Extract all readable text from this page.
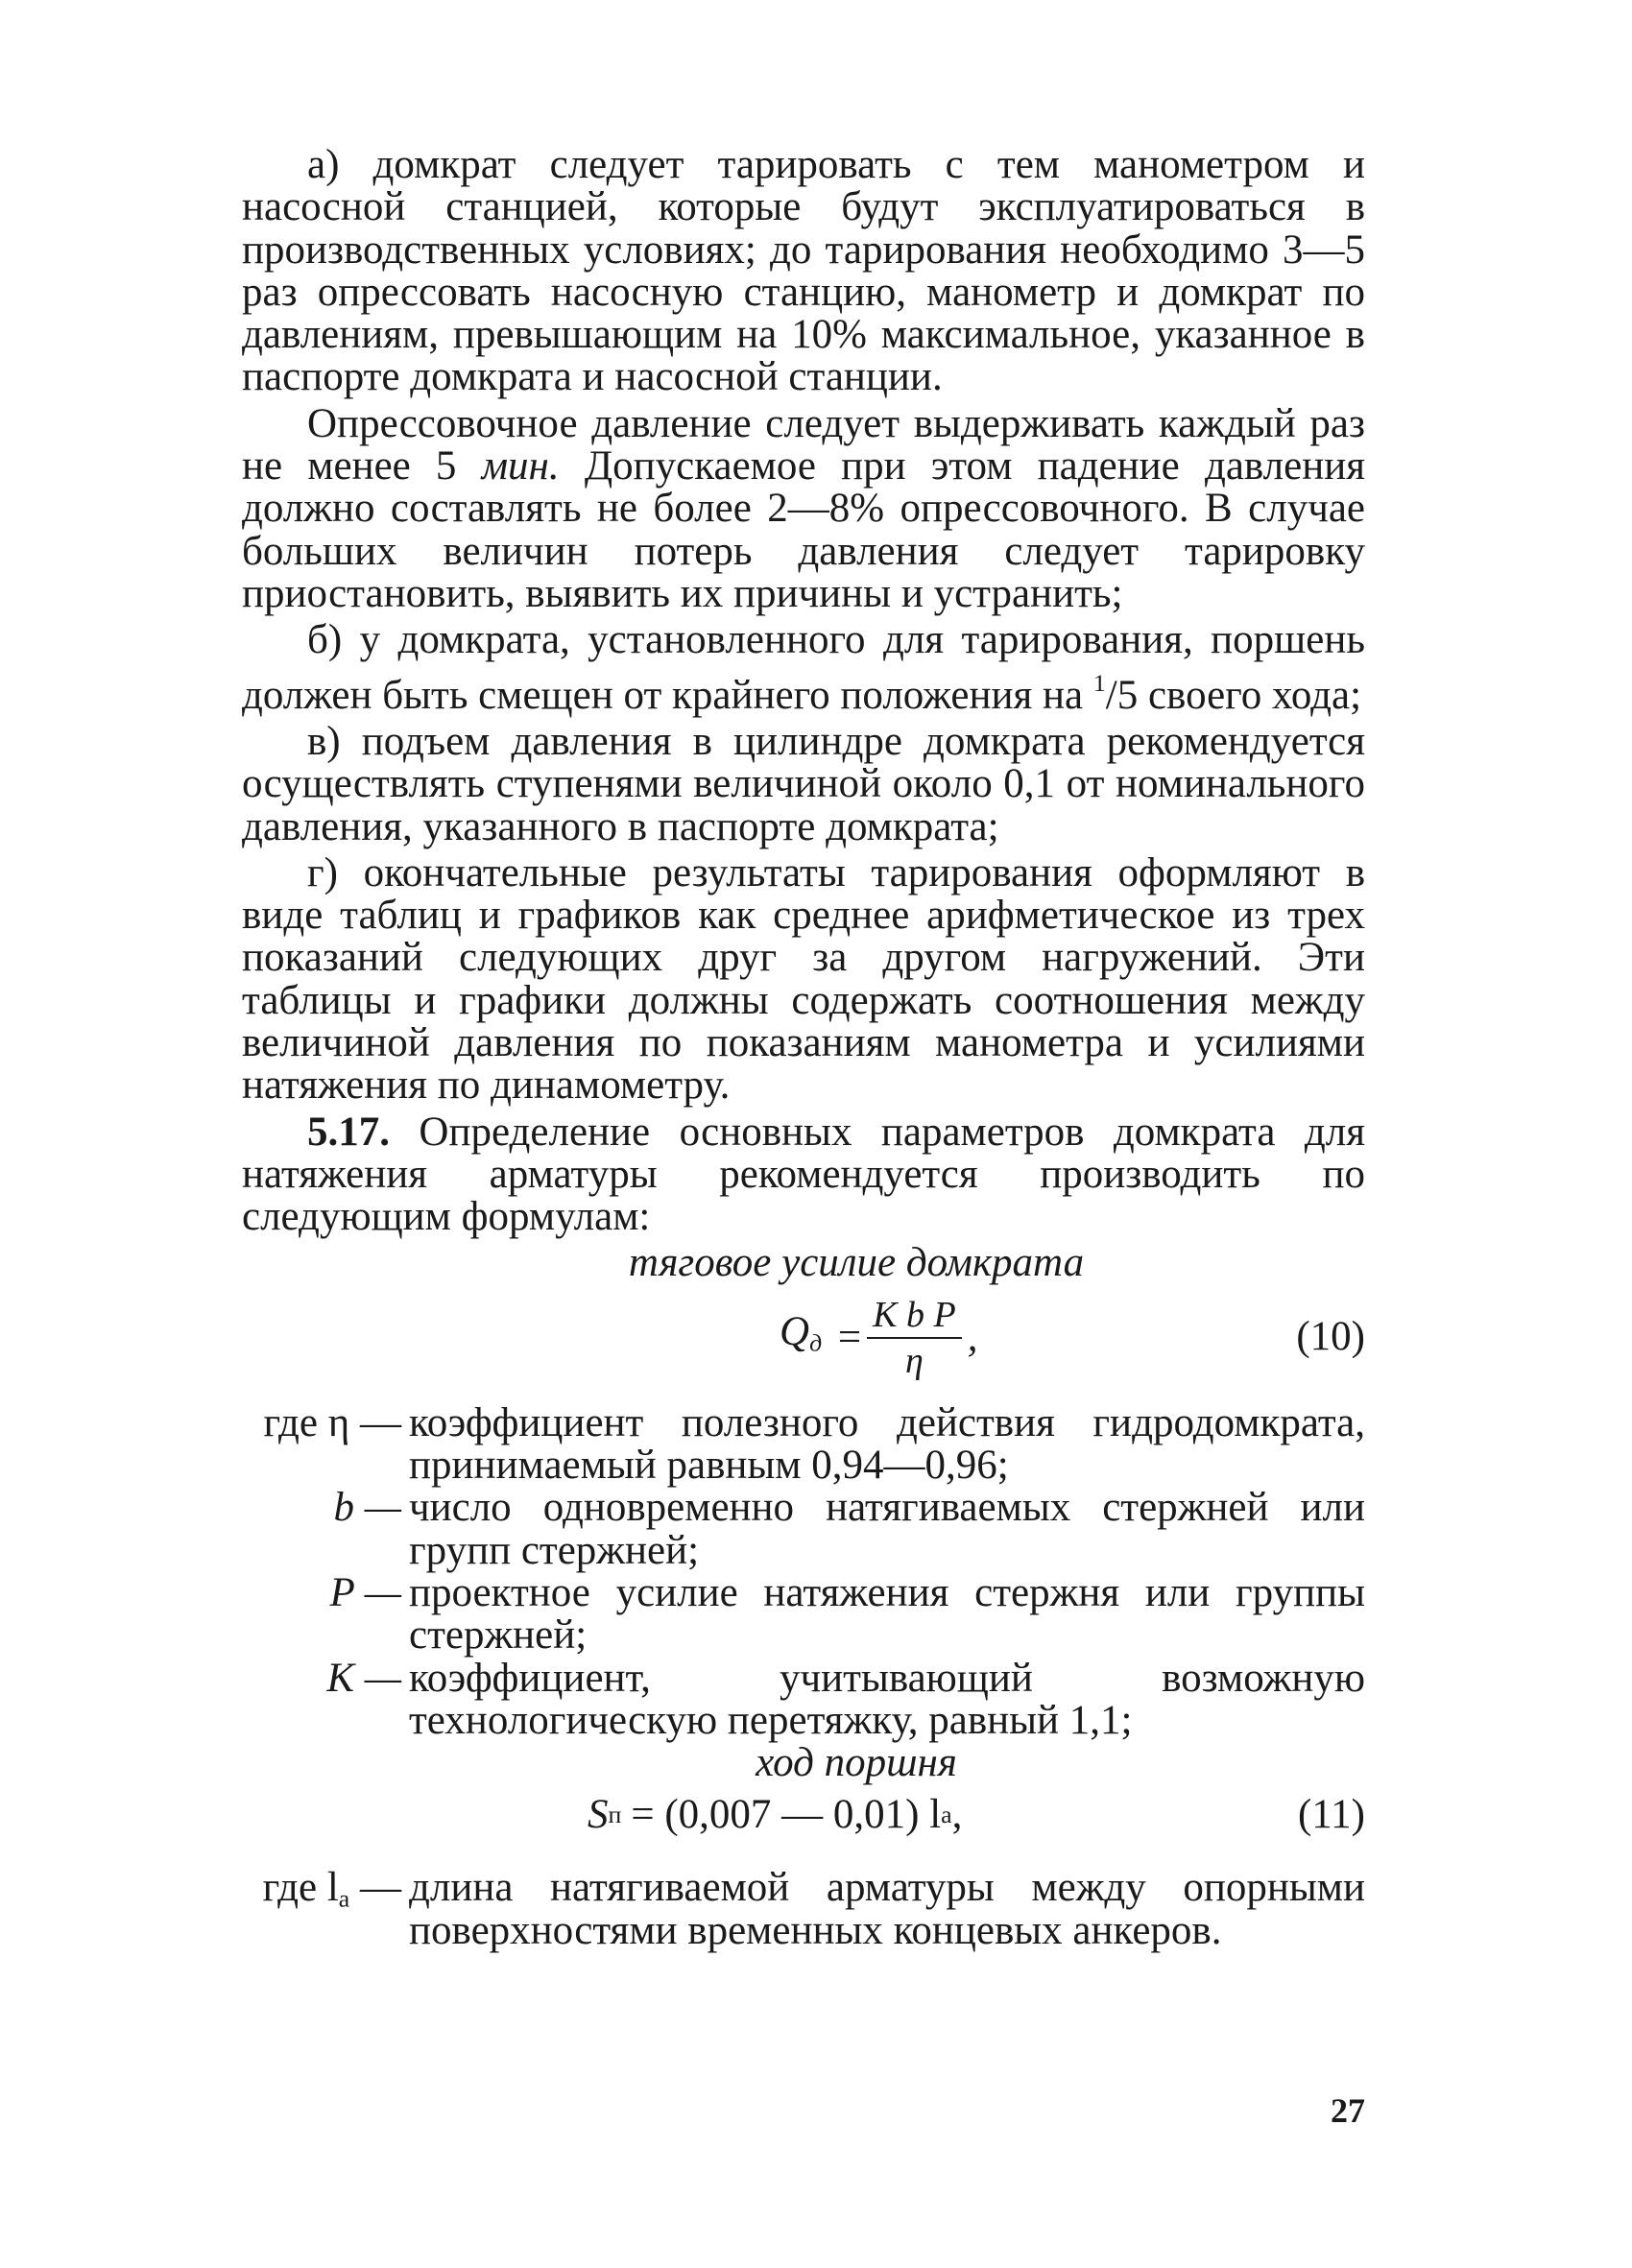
а) домкрат следует тарировать с тем манометром и насосной станцией, которые будут эксплуатироваться в производственных условиях; до тарирования необходимо 3—5 раз опрессовать насосную станцию, манометр и домкрат по давлениям, превышающим на 10% максимальное, указанное в паспорте домкрата и насосной станции.

Опрессовочное давление следует выдерживать каждый раз не менее 5 мин. Допускаемое при этом падение давления должно составлять не более 2—8% опрессовочного. В случае больших величин потерь давления следует тарировку приостановить, выявить их причины и устранить;

б) у домкрата, установленного для тарирования, поршень должен быть смещен от крайнего положения на $^1$/5 своего хода;

в) подъем давления в цилиндре домкрата рекомендуется осуществлять ступенями величиной около 0,1 от номинального давления, указанного в паспорте домкрата;

г) окончательные результаты тарирования оформляют в виде таблиц и графиков как среднее арифметическое из трех показаний следующих друг за другом нагружений. Эти таблицы и графики должны содержать соотношения между величиной давления по показаниям манометра и усилиями натяжения по динамометру.

5.17. Определение основных параметров домкрата для натяжения арматуры рекомендуется производить по следующим формулам:

тяговое усилие домкрата

$Q_д = \frac{\text{K b P}}{\eta}$ ,	(10)
где η — коэффициент полезного действия гидродомкрата, принимаемый равным 0,94—0,96;
b — число одновременно натягиваемых стержней или групп стержней;
P — проектное усилие натяжения стержня или группы стержней;
K — коэффициент, учитывающий возможную технологическую перетяжку, равный 1,1;

ход поршня

S п = (0,007 — 0,01) l а ,	(11)
где $l_а$ — длина натягиваемой арматуры между опорными поверхностями временных концевых анкеров.
27
